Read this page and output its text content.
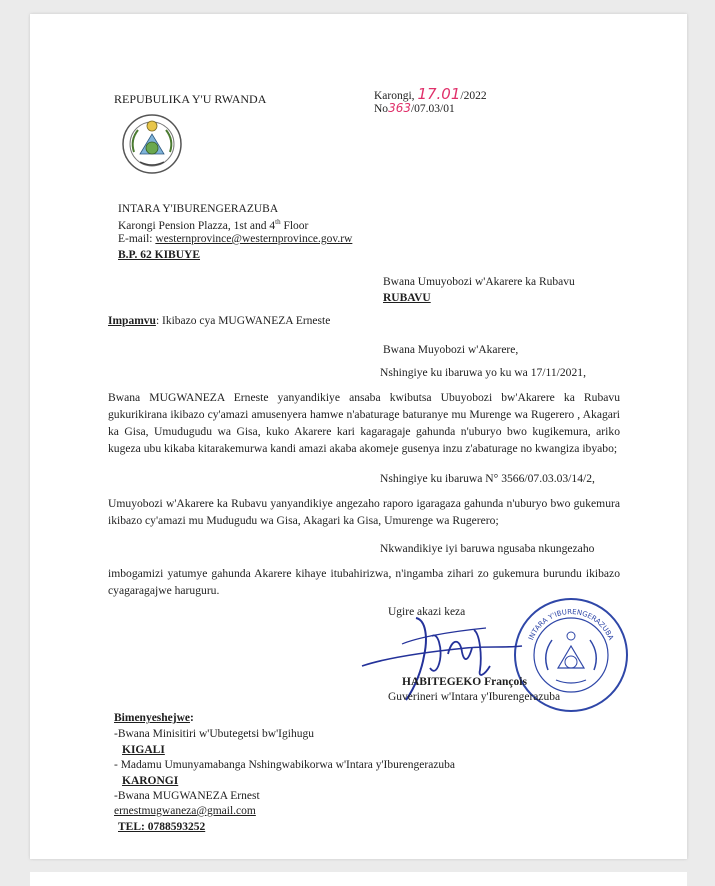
REPUBULIKA Y'U RWANDA
INTARA Y'IBURENGERAZUBA
Karongi Pension Plazza, 1st and 4th Floor
E-mail: westernprovince@westernprovince.gov.rw
B.P. 62 KIBUYE
Karongi, 17.01/2022
No363/07.03/01
Bwana Umuyobozi w'Akarere ka Rubavu
RUBAVU
Impamvu: Ikibazo cya MUGWANEZA Erneste
Bwana Muyobozi w'Akarere,
Nshingiye ku ibaruwa yo ku wa 17/11/2021,
Bwana MUGWANEZA Erneste yanyandikiye ansaba kwibutsa Ubuyobozi bw'Akarere ka Rubavu gukurikirana ikibazo cy'amazi amusenyera hamwe n'abaturage baturanye mu Murenge wa Rugerero , Akagari ka Gisa, Umudugudu wa Gisa, kuko Akarere kari kagaragaje gahunda n'uburyo bwo kugikemura, ariko kugeza ubu kikaba kitarakemurwa kandi amazi akaba akomeje gusenya inzu z'abaturage no kwangiza ibyabo;
Nshingiye ku ibaruwa N° 3566/07.03.03/14/2,
Umuyobozi w'Akarere ka Rubavu yanyandikiye angezaho raporo igaragaza gahunda n'uburyo bwo gukemura ikibazo cy'amazi mu Mudugudu wa Gisa, Akagari ka Gisa, Umurenge wa Rugerero;
Nkwandikiye iyi baruwa ngusaba nkungezaho
imbogamizi yatumye gahunda Akarere kihaye itubahirizwa, n'ingamba zihari zo gukemura burundu ikibazo cyagaragajwe haruguru.
Ugire akazi keza
INTARA Y'IBURENGERAZUBA
HABITEGEKO François
Guverineri w'Intara y'Iburengerazuba
Bimenyeshejwe:
-Bwana Minisitiri w'Ubutegetsi bw'Igihugu
KIGALI
- Madamu Umunyamabanga Nshingwabikorwa w'Intara y'Iburengerazuba
KARONGI
-Bwana MUGWANEZA Ernest
ernestmugwaneza@gmail.com
TEL: 0788593252
